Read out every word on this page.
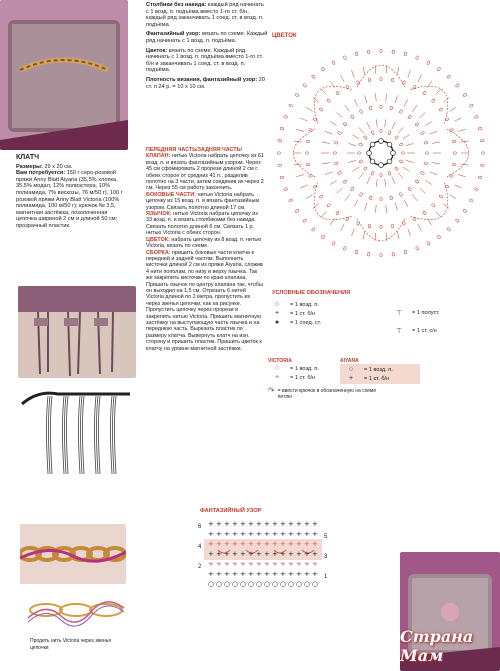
КЛАТЧ
Размеры: 29 x 20 см.
Вам потребуется: 150 г серо-розовой пряжи Anny Blatt Aiyana (35,5% хлопка, 35,5% модал, 12% полиэстера, 10% полиамида, 7% вискозы, 76 м/50 г), 100 г розовой пряжи Anny Blatt Victoria (100% полиамида, 100 м/50 г); крючок № 3,5, магнитная застёжка, позолоченная цепочка шириной 2 см и длиной 50 см; прозрачный пластик.
Столбики без накида: каждый ряд начинать с 1 возд. п. подъёма вместо 1-го ст. б/н, каждый ряд заканчивать 1 соед. ст. в возд. п. подъёма.
Фантазийный узор: вязать по схеме. Каждый ряд начинать с 1 возд. п. подъёма.
Цветок: вязать по схеме. Каждый ряд начинать с 1 возд. п. подъёма вместо 1-го ст. б/н и заканчивать 1 соед. ст. в возд. п. подъёма.
Плотность вязания, фантазийный узор: 20 ст. п 24 р. = 10 x 10 см.
ПЕРЕДНЯЯ ЧАСТЬ/ЗАДНЯЯ ЧАСТЬ/КЛАПАН: нитью Victoria набрать цепочку из 61 возд. п. и вязать фантазийным узором. Через 45 см сфомировать 2 прорези длиной 2 см с обеих сторон от средних 41 п., разделив полотно на 3 части, затем соединив их через 2 см. Через 55 см работу закончить.
БОКОВЫЕ ЧАСТИ: нитью Victoria набрать цепочку из 15 возд. п. и вязать фантазийным узором. Связать полотно длиной 17 см.
ЯЗЫЧОК: нитью Victoria набрать цепочку из 33 возд. п. и вязать столбиками без накида. Связать полотно длиной 6 см. Связать 1 р. нитью Victoria с обеих сторон.
ЦВЕТОК: набрать цепочку из 8 возд. п. нитью Victoria, вязать по схеме.
СБОРКА: пришить боковые части клатча к передней и задней частям. Выполнить кисточки длиной 2 см из пряжи Aiyana, сложив 4 нити пополам, по низу и верху язычка. Так же закрепить кисточки по краю клапана. Пришить язычок по центру клапана так, чтобы он выходил на 1,5 см. Отрезать 6 нитей Victoria длиной по 2 метра, пропустить их через звенья цепочки, как на рисунке. Пропустить цепочку через прорези и закрепить нитью Victoria. Пришить магнитную застёжку на выступающую часть язычка и на переднюю часть. Вырезать пластик по размеру клатча. Вывернуть клатч на изн. сторону и пришить пластик. Пришить цветок к клатчу на уровне магнитной застёжки.
ЦВЕТОК
УСЛОВНЫЕ ОБОЗНАЧЕНИЯ
○	= 1 возд. п.
+	= 1 ст. б/н
●	= 1 соед. ст.
⊤	= 1 полуст
⊤	= 1 ст. с/н
VICTORIA
○	= 1 возд. п.
+	= 1 ст. б/н
AIYANA
○	= 1 возд. п.
+	= 1 ст. б/н
↷ = ввести крючок в обозначенную на схеме петлю
Продеть нить Victoria через звенья цепочки
ФАНТАЗИЙНЫЙ УЗОР
+ + + + + + + + + + + + + +
+ + + + + + + + + + + + + +
+ + + + + + + + + + + + + +
+ + + + + + + + + + + + + +
+ + + + + + + + + + + + + +
+ + + + + + + + + + + + + +
○ ○ ○ ○ ○ ○ ○ ○ ○ ○ ○ ○ ○ ○
6
4
2
5
3
1
Страна Мам
